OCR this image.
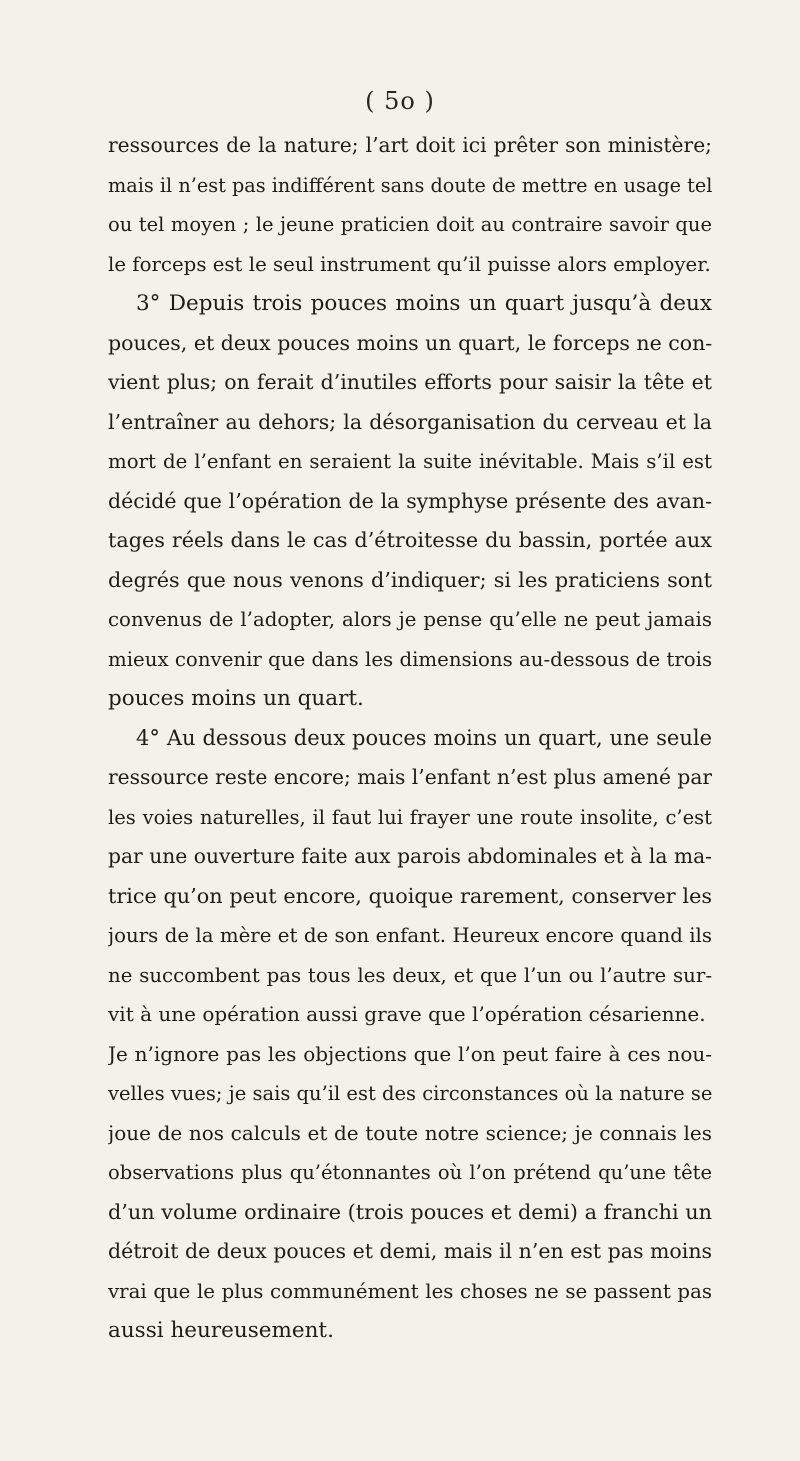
( 5o )
ressources de la nature; l’art doit ici prêter son ministère;
mais il n’est pas indifférent sans doute de mettre en usage tel
ou tel moyen ; le jeune praticien doit au contraire savoir que
le forceps est le seul instrument qu’il puisse alors employer.
3° Depuis trois pouces moins un quart jusqu’à deux
pouces, et deux pouces moins un quart, le forceps ne con-
vient plus; on ferait d’inutiles efforts pour saisir la tête et
l’entraîner au dehors; la désorganisation du cerveau et la
mort de l’enfant en seraient la suite inévitable. Mais s’il est
décidé que l’opération de la symphyse présente des avan-
tages réels dans le cas d’étroitesse du bassin, portée aux
degrés que nous venons d’indiquer; si les praticiens sont
convenus de l’adopter, alors je pense qu’elle ne peut jamais
mieux convenir que dans les dimensions au-dessous de trois
pouces moins un quart.
4° Au dessous deux pouces moins un quart, une seule
ressource reste encore; mais l’enfant n’est plus amené par
les voies naturelles, il faut lui frayer une route insolite, c’est
par une ouverture faite aux parois abdominales et à la ma-
trice qu’on peut encore, quoique rarement, conserver les
jours de la mère et de son enfant. Heureux encore quand ils
ne succombent pas tous les deux, et que l’un ou l’autre sur-
vit à une opération aussi grave que l’opération césarienne.
Je n’ignore pas les objections que l’on peut faire à ces nou-
velles vues; je sais qu’il est des circonstances où la nature se
joue de nos calculs et de toute notre science; je connais les
observations plus qu’étonnantes où l’on prétend qu’une tête
d’un volume ordinaire (trois pouces et demi) a franchi un
détroit de deux pouces et demi, mais il n’en est pas moins
vrai que le plus communément les choses ne se passent pas
aussi heureusement.
